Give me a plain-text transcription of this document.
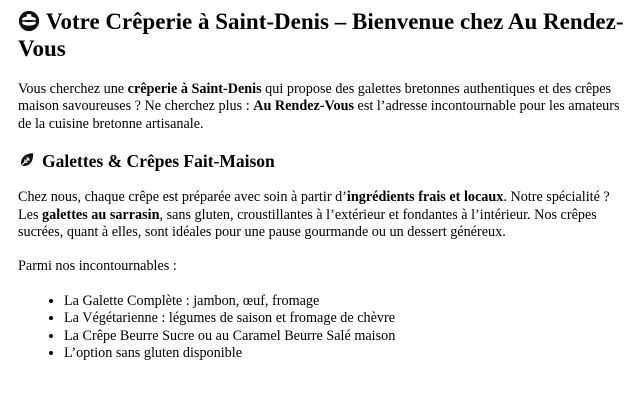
Votre Crêperie à Saint-Denis – Bienvenue chez Au Rendez-Vous

Vous cherchez une crêperie à Saint-Denis qui propose des galettes bretonnes authentiques et des crêpes maison savoureuses ? Ne cherchez plus : Au Rendez-Vous est l’adresse incontournable pour les amateurs de la cuisine bretonne artisanale.

Galettes & Crêpes Fait-Maison

Chez nous, chaque crêpe est préparée avec soin à partir d’ingrédients frais et locaux. Notre spécialité ? Les galettes au sarrasin, sans gluten, croustillantes à l’extérieur et fondantes à l’intérieur. Nos crêpes sucrées, quant à elles, sont idéales pour une pause gourmande ou un dessert généreux.

Parmi nos incontournables :

• La Galette Complète : jambon, œuf, fromage
• La Végétarienne : légumes de saison et fromage de chèvre
• La Crêpe Beurre Sucre ou au Caramel Beurre Salé maison
• L’option sans gluten disponible
